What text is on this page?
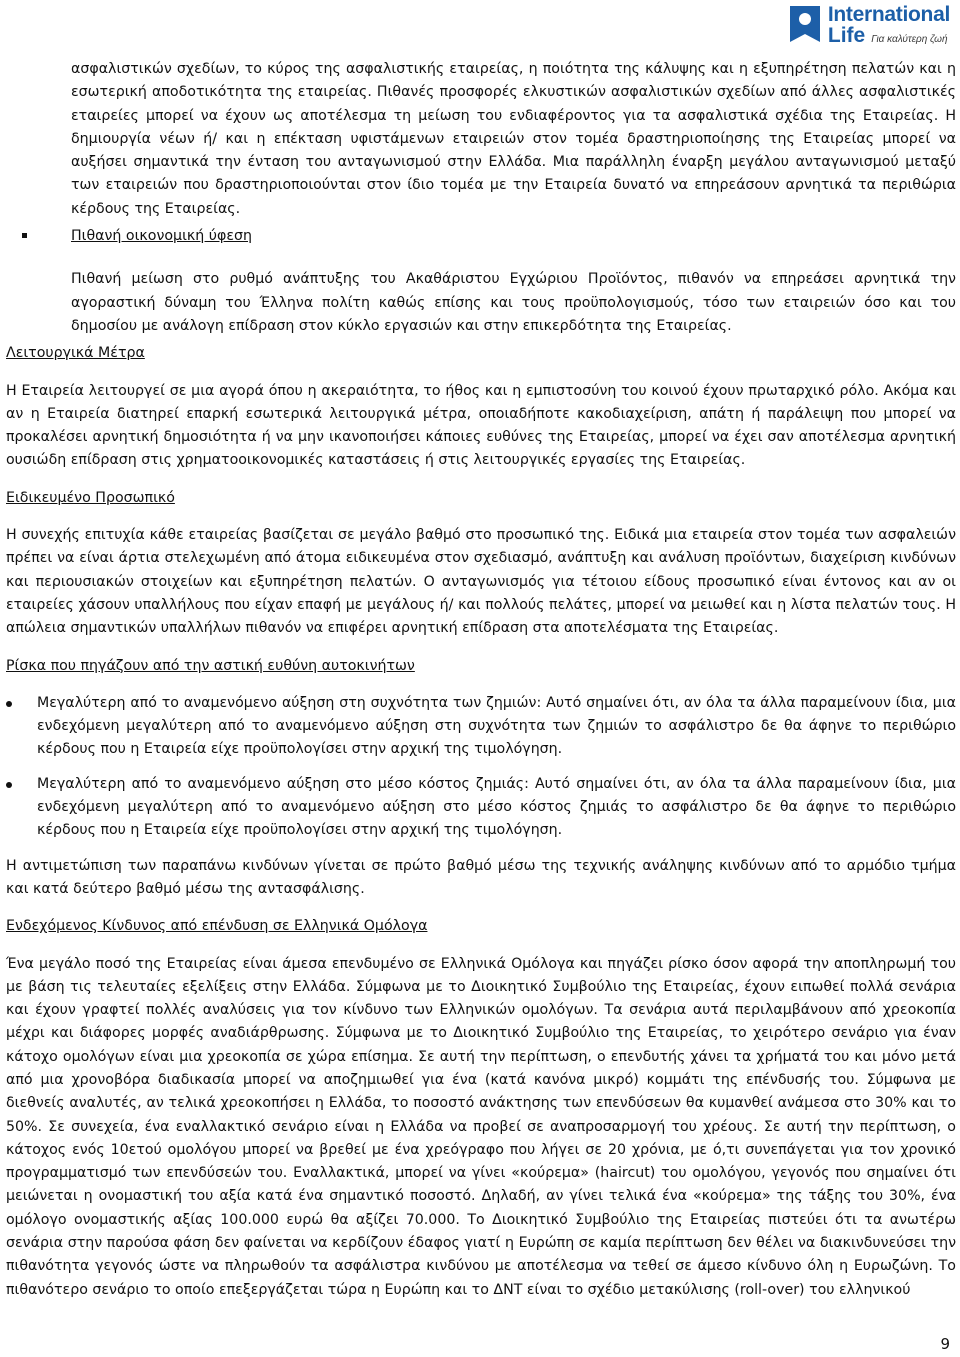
International
Life Για καλύτερη ζωή

ασφαλιστικών σχεδίων, το κύρος της ασφαλιστικής εταιρείας, η ποιότητα της κάλυψης και η εξυπηρέτηση πελατών και η εσωτερική αποδοτικότητα της εταιρείας. Πιθανές προσφορές ελκυστικών ασφαλιστικών σχεδίων από άλλες ασφαλιστικές εταιρείες μπορεί να έχουν ως αποτέλεσμα τη μείωση του ενδιαφέροντος για τα ασφαλιστικά σχέδια της Εταιρείας. Η δημιουργία νέων ή/ και η επέκταση υφιστάμενων εταιρειών στον τομέα δραστηριοποίησης της Εταιρείας μπορεί να αυξήσει σημαντικά την ένταση του ανταγωνισμού στην Ελλάδα. Μια παράλληλη έναρξη μεγάλου ανταγωνισμού μεταξύ των εταιρειών που δραστηριοποιούνται στον ίδιο τομέα με την Εταιρεία δυνατό να επηρεάσουν αρνητικά τα περιθώρια κέρδους της Εταιρείας.

Πιθανή οικονομική ύφεση

Πιθανή μείωση στο ρυθμό ανάπτυξης του Ακαθάριστου Εγχώριου Προϊόντος, πιθανόν να επηρεάσει αρνητικά την αγοραστική δύναμη του Έλληνα πολίτη καθώς επίσης και τους προϋπολογισμούς, τόσο των εταιρειών όσο και του δημοσίου με ανάλογη επίδραση στον κύκλο εργασιών και στην επικερδότητα της Εταιρείας.

Λειτουργικά Μέτρα

Η Εταιρεία λειτουργεί σε μια αγορά όπου η ακεραιότητα, το ήθος και η εμπιστοσύνη του κοινού έχουν πρωταρχικό ρόλο. Ακόμα και αν η Εταιρεία διατηρεί επαρκή εσωτερικά λειτουργικά μέτρα, οποιαδήποτε κακοδιαχείριση, απάτη ή παράλειψη που μπορεί να προκαλέσει αρνητική δημοσιότητα ή να μην ικανοποιήσει κάποιες ευθύνες της Εταιρείας, μπορεί να έχει σαν αποτέλεσμα αρνητική ουσιώδη επίδραση στις χρηματοοικονομικές καταστάσεις ή στις λειτουργικές εργασίες της Εταιρείας.

Ειδικευμένο Προσωπικό

Η συνεχής επιτυχία κάθε εταιρείας βασίζεται σε μεγάλο βαθμό στο προσωπικό της. Ειδικά μια εταιρεία στον τομέα των ασφαλειών πρέπει να είναι άρτια στελεχωμένη από άτομα ειδικευμένα στον σχεδιασμό, ανάπτυξη και ανάλυση προϊόντων, διαχείριση κινδύνων και περιουσιακών στοιχείων και εξυπηρέτηση πελατών. Ο ανταγωνισμός για τέτοιου είδους προσωπικό είναι έντονος και αν οι εταιρείες χάσουν υπαλλήλους που είχαν επαφή με μεγάλους ή/ και πολλούς πελάτες, μπορεί να μειωθεί και η λίστα πελατών τους. Η απώλεια σημαντικών υπαλλήλων πιθανόν να επιφέρει αρνητική επίδραση στα αποτελέσματα της Εταιρείας.

Ρίσκα που πηγάζουν από την αστική ευθύνη αυτοκινήτων

Μεγαλύτερη από το αναμενόμενο αύξηση στη συχνότητα των ζημιών: Αυτό σημαίνει ότι, αν όλα τα άλλα παραμείνουν ίδια, μια ενδεχόμενη μεγαλύτερη από το αναμενόμενο αύξηση στη συχνότητα των ζημιών το ασφάλιστρο δε θα άφηνε το περιθώριο κέρδους που η Εταιρεία είχε προϋπολογίσει στην αρχική της τιμολόγηση.

Μεγαλύτερη από το αναμενόμενο αύξηση στο μέσο κόστος ζημιάς: Αυτό σημαίνει ότι, αν όλα τα άλλα παραμείνουν ίδια, μια ενδεχόμενη μεγαλύτερη από το αναμενόμενο αύξηση στο μέσο κόστος ζημιάς το ασφάλιστρο δε θα άφηνε το περιθώριο κέρδους που η Εταιρεία είχε προϋπολογίσει στην αρχική της τιμολόγηση.

Η αντιμετώπιση των παραπάνω κινδύνων γίνεται σε πρώτο βαθμό μέσω της τεχνικής ανάληψης κινδύνων από το αρμόδιο τμήμα και κατά δεύτερο βαθμό μέσω της αντασφάλισης.

Ενδεχόμενος Κίνδυνος από επένδυση σε Ελληνικά Ομόλογα

Ένα μεγάλο ποσό της Εταιρείας είναι άμεσα επενδυμένο σε Ελληνικά Ομόλογα και πηγάζει ρίσκο όσον αφορά την αποπληρωμή του με βάση τις τελευταίες εξελίξεις στην Ελλάδα. Σύμφωνα με το Διοικητικό Συμβούλιο της Εταιρείας, έχουν ειπωθεί πολλά σενάρια και έχουν γραφτεί πολλές αναλύσεις για τον κίνδυνο των Ελληνικών ομολόγων. Τα σενάρια αυτά περιλαμβάνουν από χρεοκοπία μέχρι και διάφορες μορφές αναδιάρθρωσης. Σύμφωνα με το Διοικητικό Συμβούλιο της Εταιρείας, το χειρότερο σενάριο για έναν κάτοχο ομολόγων είναι μια χρεοκοπία σε χώρα επίσημα. Σε αυτή την περίπτωση, ο επενδυτής χάνει τα χρήματά του και μόνο μετά από μια χρονοβόρα διαδικασία μπορεί να αποζημιωθεί για ένα (κατά κανόνα μικρό) κομμάτι της επένδυσής του. Σύμφωνα με διεθνείς αναλυτές, αν τελικά χρεοκοπήσει η Ελλάδα, το ποσοστό ανάκτησης των επενδύσεων θα κυμανθεί ανάμεσα στο 30% και το 50%. Σε συνεχεία, ένα εναλλακτικό σενάριο είναι η Ελλάδα να προβεί σε αναπροσαρμογή του χρέους. Σε αυτή την περίπτωση, ο κάτοχος ενός 10ετού ομολόγου μπορεί να βρεθεί με ένα χρεόγραφο που λήγει σε 20 χρόνια, με ό,τι συνεπάγεται για τον χρονικό προγραμματισμό των επενδύσεών του. Εναλλακτικά, μπορεί να γίνει «κούρεμα» (haircut) του ομολόγου, γεγονός που σημαίνει ότι μειώνεται η ονομαστική του αξία κατά ένα σημαντικό ποσοστό. Δηλαδή, αν γίνει τελικά ένα «κούρεμα» της τάξης του 30%, ένα ομόλογο ονομαστικής αξίας 100.000 ευρώ θα αξίζει 70.000. Το Διοικητικό Συμβούλιο της Εταιρείας πιστεύει ότι τα ανωτέρω σενάρια στην παρούσα φάση δεν φαίνεται να κερδίζουν έδαφος γιατί η Ευρώπη σε καμία περίπτωση δεν θέλει να διακινδυνεύσει την πιθανότητα γεγονός ώστε να πληρωθούν τα ασφάλιστρα κινδύνου με αποτέλεσμα να τεθεί σε άμεσο κίνδυνο όλη η Ευρωζώνη. Το πιθανότερο σενάριο το οποίο επεξεργάζεται τώρα η Ευρώπη και το ΔΝΤ είναι το σχέδιο μετακύλισης (roll-over) του ελληνικού

9
